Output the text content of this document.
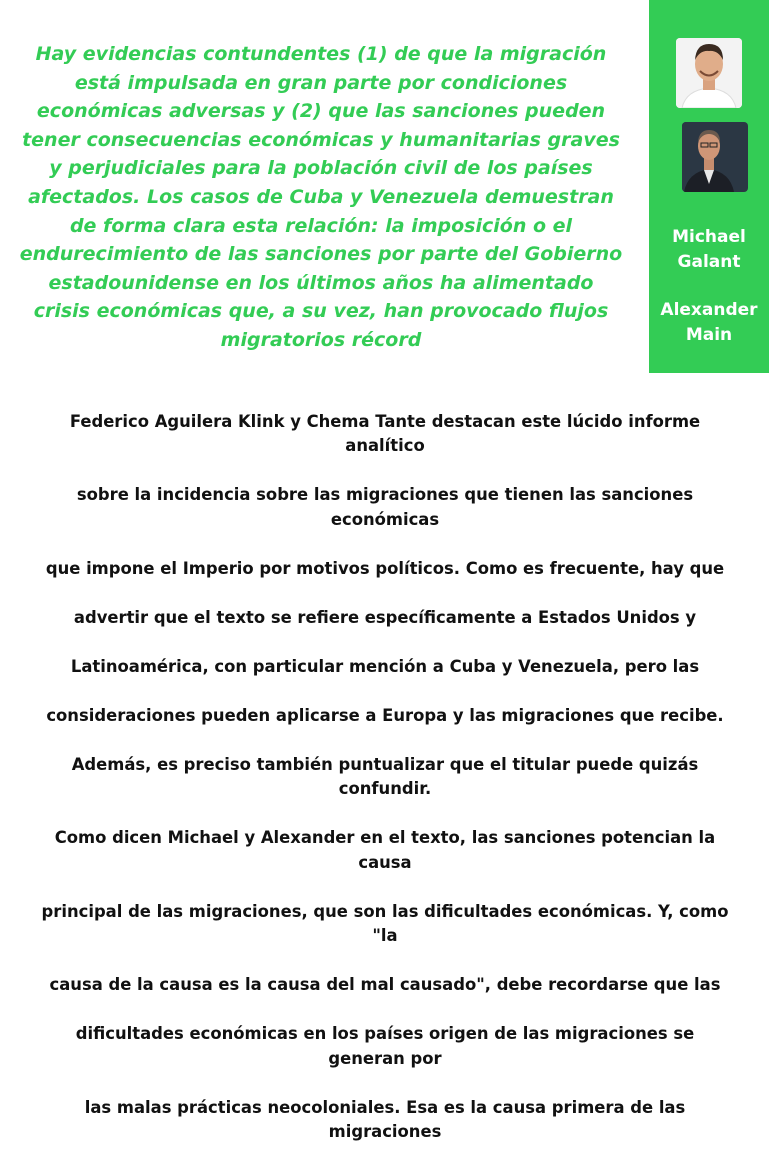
Hay evidencias contundentes (1) de que la migración está impulsada en gran parte por condiciones económicas adversas y (2) que las sanciones pueden tener consecuencias económicas y humanitarias graves y perjudiciales para la población civil de los países afectados. Los casos de Cuba y Venezuela demuestran de forma clara esta relación: la imposición o el endurecimiento de las sanciones por parte del Gobierno estadounidense en los últimos años ha alimentado crisis económicas que, a su vez, han provocado flujos migratorios récord

Michael
Galant

Alexander
Main

Federico Aguilera Klink y Chema Tante destacan este lúcido informe analítico

sobre la incidencia sobre las migraciones que tienen las sanciones económicas

que impone el Imperio por motivos políticos. Como es frecuente, hay que

advertir que el texto se refiere específicamente a Estados Unidos y

Latinoamérica, con particular mención a Cuba y Venezuela, pero las

consideraciones pueden aplicarse a Europa y las migraciones que recibe.

Además, es preciso también puntualizar que el titular puede quizás confundir.

Como dicen Michael y Alexander en el texto, las sanciones potencian la causa

principal de las migraciones, que son las dificultades económicas. Y, como "la

causa de la causa es la causa del mal causado", debe recordarse que las

dificultades económicas en los países origen de las migraciones se generan por

las malas prácticas neocoloniales. Esa es la causa primera de las migraciones
